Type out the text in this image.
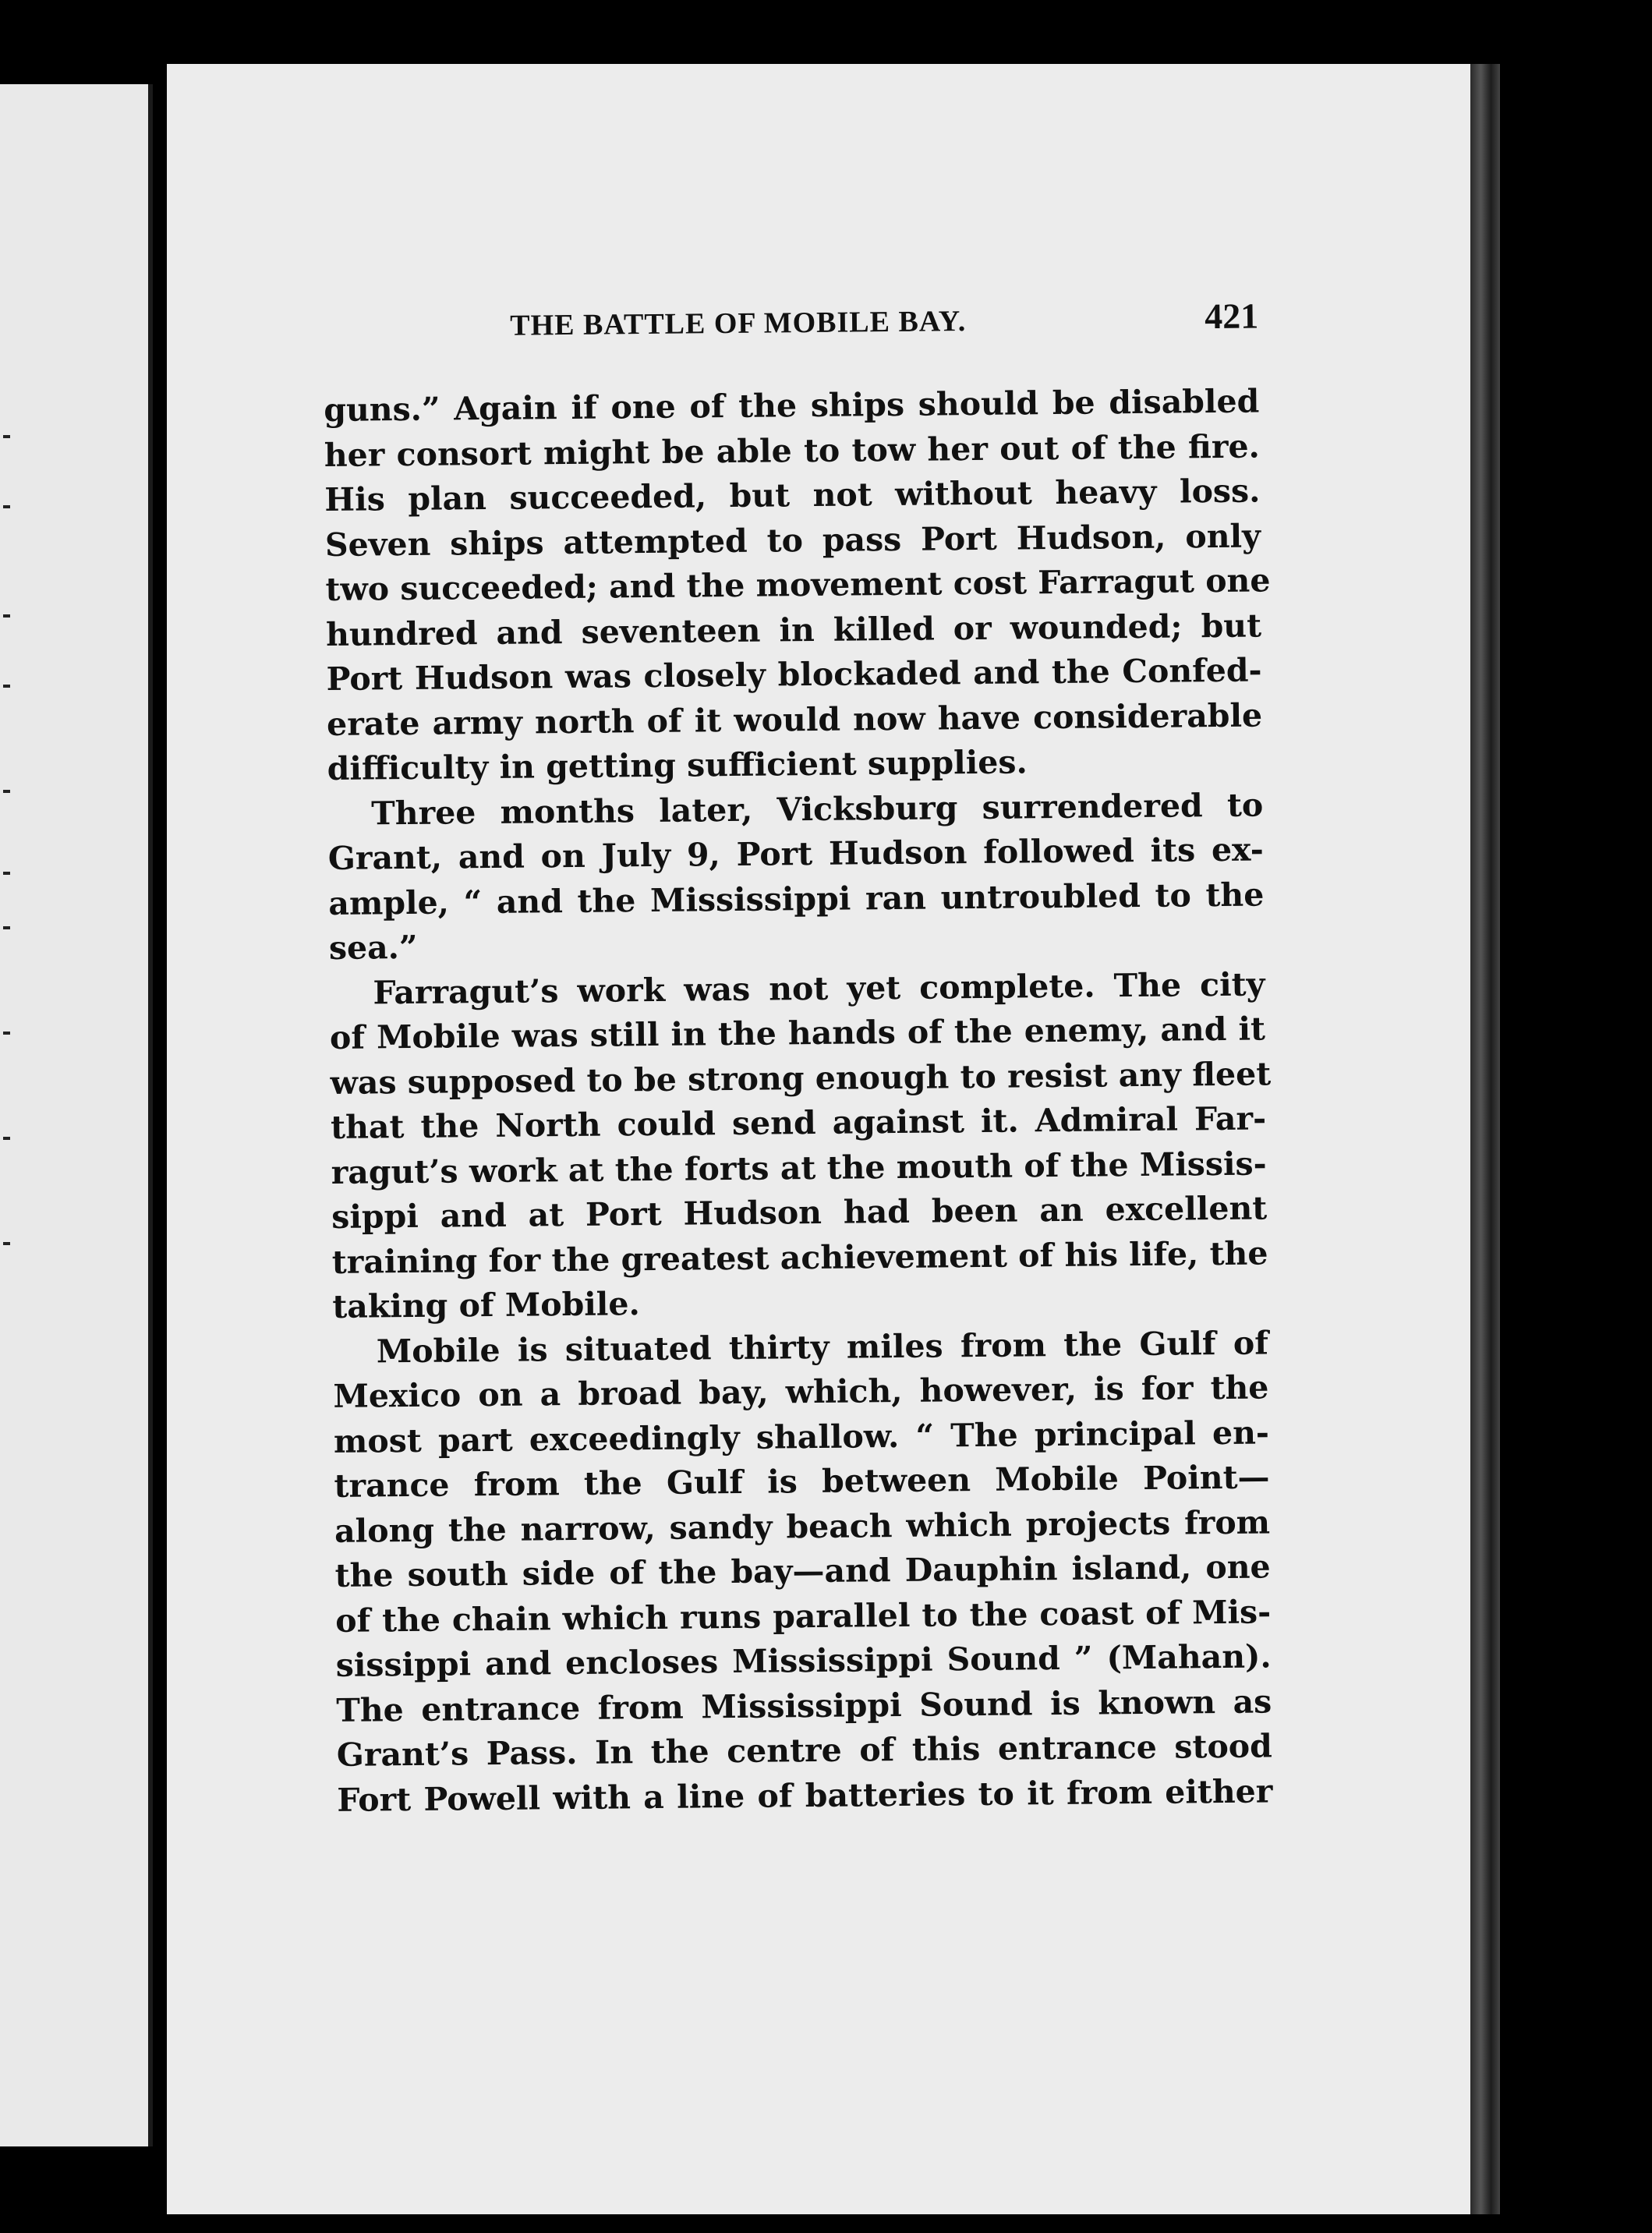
THE BATTLE OF MOBILE BAY.	421
guns.” Again if one of the ships should be disabled
her consort might be able to tow her out of the fire.
His plan succeeded, but not without heavy loss.
Seven ships attempted to pass Port Hudson, only
two succeeded; and the movement cost Farragut one
hundred and seventeen in killed or wounded; but
Port Hudson was closely blockaded and the Confed-
erate army north of it would now have considerable
difficulty in getting sufficient supplies.
Three months later, Vicksburg surrendered to
Grant, and on July 9, Port Hudson followed its ex-
ample, “ and the Mississippi ran untroubled to the
sea.”
Farragut’s work was not yet complete. The city
of Mobile was still in the hands of the enemy, and it
was supposed to be strong enough to resist any fleet
that the North could send against it. Admiral Far-
ragut’s work at the forts at the mouth of the Missis-
sippi and at Port Hudson had been an excellent
training for the greatest achievement of his life, the
taking of Mobile.
Mobile is situated thirty miles from the Gulf of
Mexico on a broad bay, which, however, is for the
most part exceedingly shallow. “ The principal en-
trance from the Gulf is between Mobile Point—
along the narrow, sandy beach which projects from
the south side of the bay—and Dauphin island, one
of the chain which runs parallel to the coast of Mis-
sissippi and encloses Mississippi Sound ” (Mahan).
The entrance from Mississippi Sound is known as
Grant’s Pass. In the centre of this entrance stood
Fort Powell with a line of batteries to it from either
